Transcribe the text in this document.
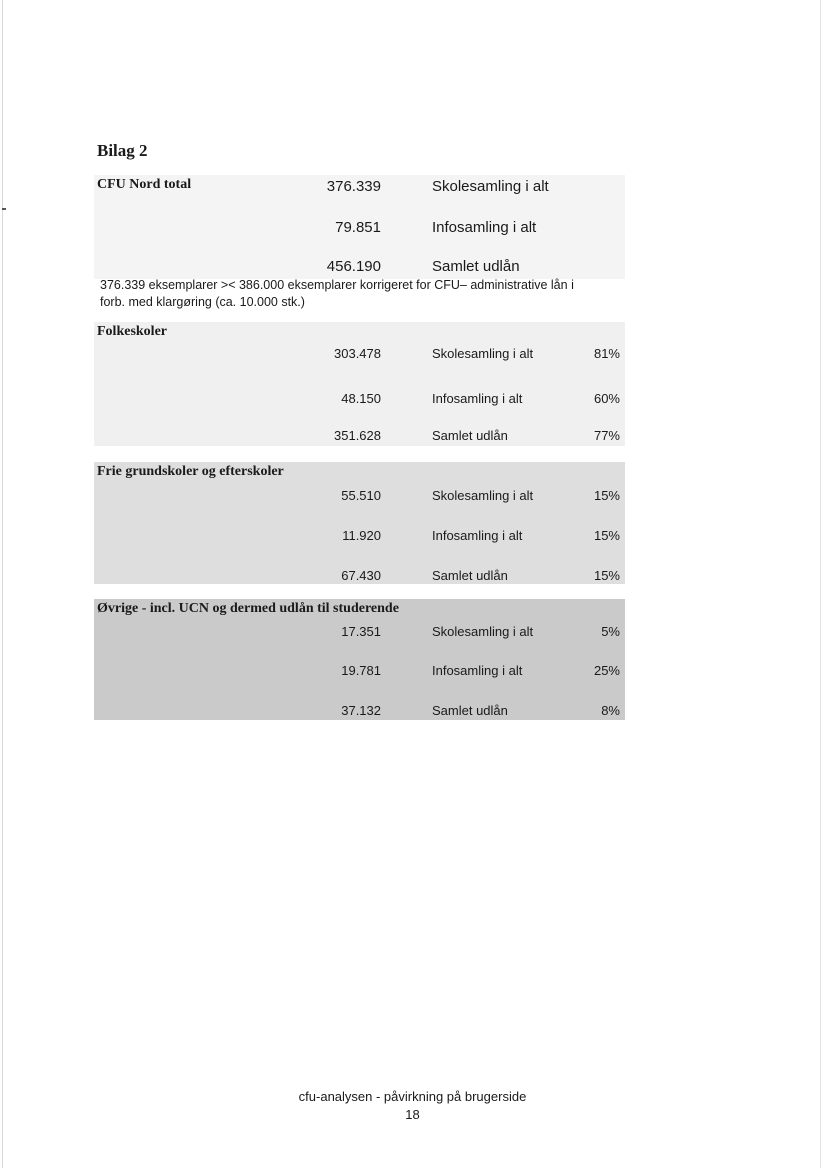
Bilag 2
CFU Nord total	376.339	Skolesamling i alt
79.851	Infosamling i alt
456.190	Samlet udlån
376.339 eksemplarer >< 386.000 eksemplarer korrigeret for CFU– administrative lån i
forb. med klargøring (ca. 10.000 stk.)
Folkeskoler
303.478	Skolesamling i alt	81%
48.150	Infosamling i alt	60%
351.628	Samlet udlån	77%
Frie grundskoler og efterskoler
55.510	Skolesamling i alt	15%
11.920	Infosamling i alt	15%
67.430	Samlet udlån	15%
Øvrige - incl. UCN og dermed udlån til studerende
17.351	Skolesamling i alt	5%
19.781	Infosamling i alt	25%
37.132	Samlet udlån	8%
cfu-analysen - påvirkning på brugerside
18
